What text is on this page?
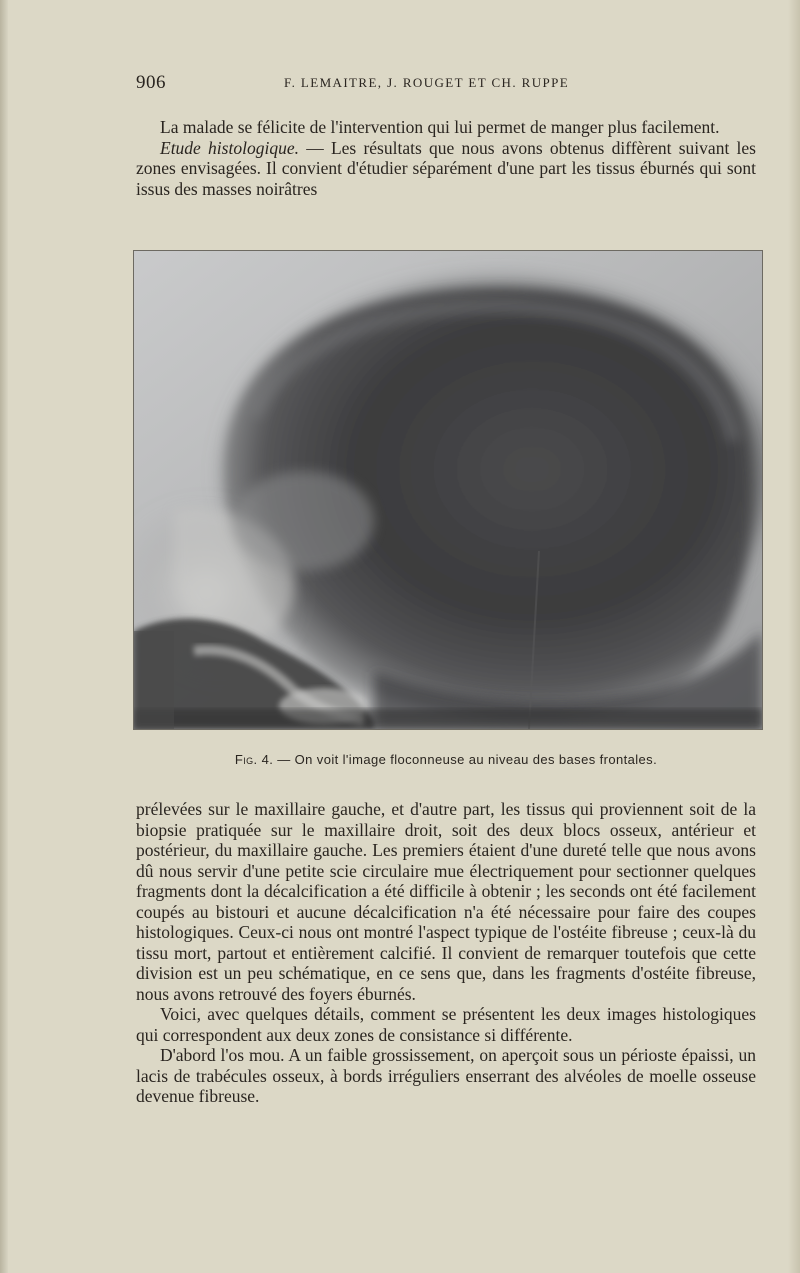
906	F. LEMAITRE, J. ROUGET ET CH. RUPPE

La malade se félicite de l'intervention qui lui permet de manger plus facilement.

Etude histologique. — Les résultats que nous avons obtenus diffèrent suivant les zones envisagées. Il convient d'étudier séparément d'une part les tissus éburnés qui sont issus des masses noirâtres

Fig. 4. — On voit l'image floconneuse au niveau des bases frontales.

prélevées sur le maxillaire gauche, et d'autre part, les tissus qui proviennent soit de la biopsie pratiquée sur le maxillaire droit, soit des deux blocs osseux, antérieur et postérieur, du maxillaire gauche. Les premiers étaient d'une dureté telle que nous avons dû nous servir d'une petite scie circulaire mue électriquement pour sectionner quelques fragments dont la décalcification a été difficile à obtenir ; les seconds ont été facilement coupés au bistouri et aucune décalcification n'a été nécessaire pour faire des coupes histologiques. Ceux-ci nous ont montré l'aspect typique de l'ostéite fibreuse ; ceux-là du tissu mort, partout et entièrement calcifié. Il convient de remarquer toutefois que cette division est un peu schématique, en ce sens que, dans les fragments d'ostéite fibreuse, nous avons retrouvé des foyers éburnés.

Voici, avec quelques détails, comment se présentent les deux images histologiques qui correspondent aux deux zones de consistance si différente.

D'abord l'os mou. A un faible grossissement, on aperçoit sous un périoste épaissi, un lacis de trabécules osseux, à bords irréguliers enserrant des alvéoles de moelle osseuse devenue fibreuse.
